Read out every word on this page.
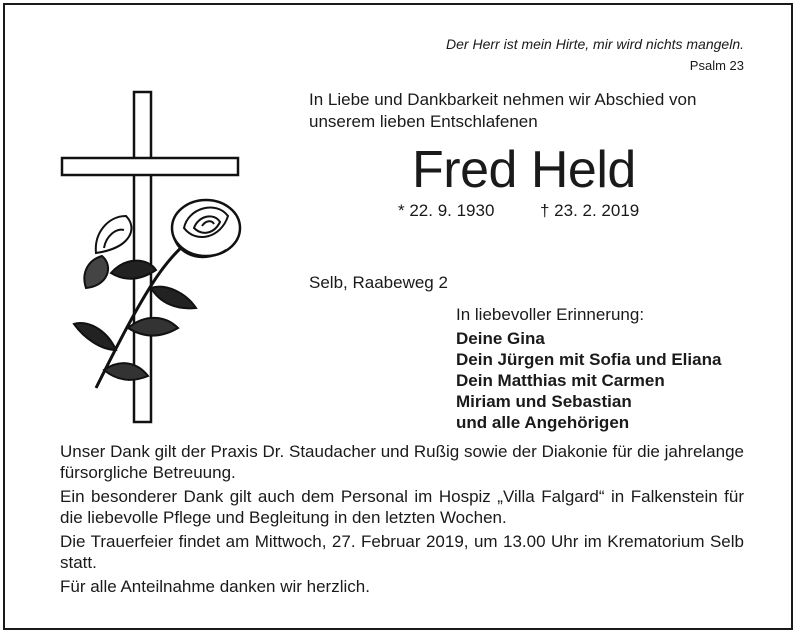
Der Herr ist mein Hirte, mir wird nichts mangeln.
Psalm 23
In Liebe und Dankbarkeit nehmen wir Abschied von unserem lieben Entschlafenen
Fred Held
* 22. 9. 1930	† 23. 2. 2019
Selb, Raabeweg 2
In liebevoller Erinnerung:
Deine Gina
Dein Jürgen mit Sofia und Eliana
Dein Matthias mit Carmen
Miriam und Sebastian
und alle Angehörigen

Unser Dank gilt der Praxis Dr. Staudacher und Rußig sowie der Diakonie für die jahrelange fürsorgliche Betreuung.

Ein besonderer Dank gilt auch dem Personal im Hospiz „Villa Falgard“ in Falkenstein für die liebevolle Pflege und Begleitung in den letzten Wochen.

Die Trauerfeier findet am Mittwoch, 27. Februar 2019, um 13.00 Uhr im Krematorium Selb statt.

Für alle Anteilnahme danken wir herzlich.
